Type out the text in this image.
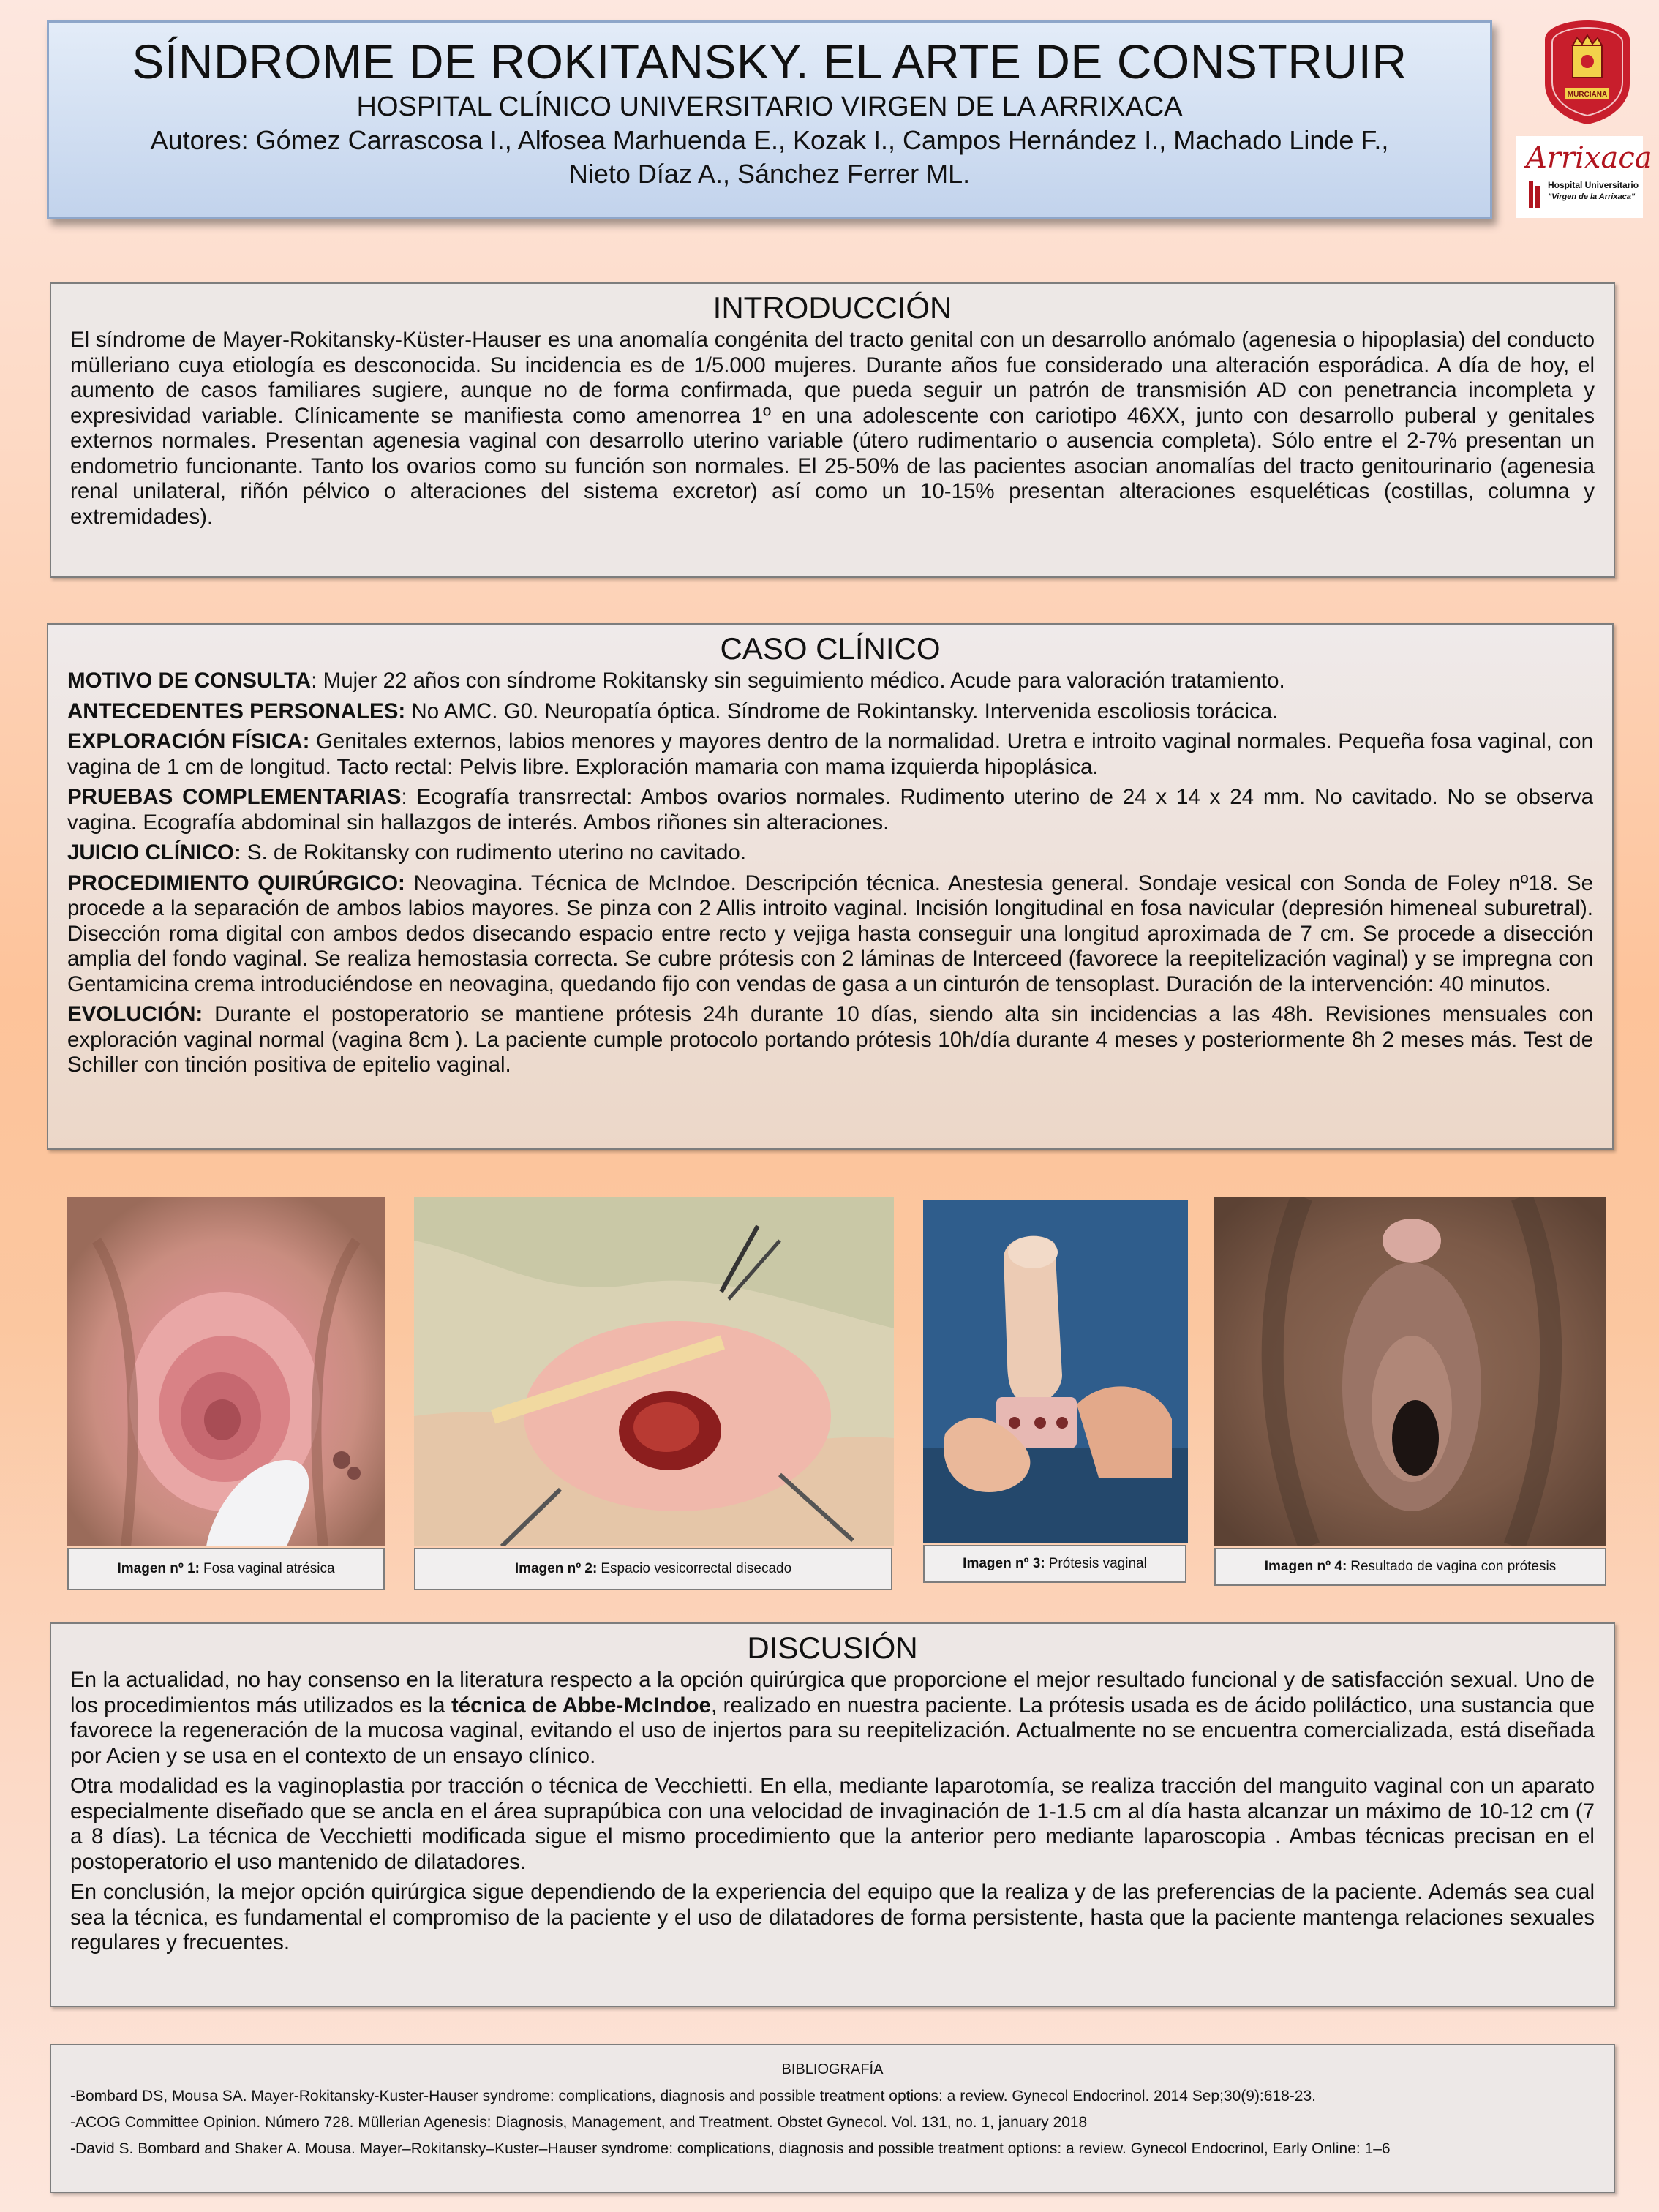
SÍNDROME DE ROKITANSKY. EL ARTE DE CONSTRUIR
HOSPITAL CLÍNICO UNIVERSITARIO VIRGEN DE LA ARRIXACA
Autores: Gómez Carrascosa I., Alfosea Marhuenda E., Kozak I., Campos Hernández I., Machado Linde F.,
Nieto Díaz A., Sánchez Ferrer ML.
MURCIANA
Arrixaca
Hospital Universitario
"Virgen de la Arrixaca"
INTRODUCCIÓN

El síndrome de Mayer-Rokitansky-Küster-Hauser es una anomalía congénita del tracto genital con un desarrollo anómalo (agenesia o hipoplasia) del conducto mülleriano cuya etiología es desconocida. Su incidencia es de 1/5.000 mujeres. Durante años fue considerado una alteración esporádica. A día de hoy, el aumento de casos familiares sugiere, aunque no de forma confirmada, que pueda seguir un patrón de transmisión AD con penetrancia incompleta y expresividad variable. Clínicamente se manifiesta como amenorrea 1º en una adolescente con cariotipo 46XX, junto con desarrollo puberal y genitales externos normales. Presentan agenesia vaginal con desarrollo uterino variable (útero rudimentario o ausencia completa). Sólo entre el 2-7% presentan un endometrio funcionante. Tanto los ovarios como su función son normales. El 25-50% de las pacientes asocian anomalías del tracto genitourinario (agenesia renal unilateral, riñón pélvico o alteraciones del sistema excretor) así como un 10-15% presentan alteraciones esqueléticas (costillas, columna y extremidades).

CASO CLÍNICO

MOTIVO DE CONSULTA: Mujer 22 años con síndrome Rokitansky sin seguimiento médico. Acude para valoración tratamiento.

ANTECEDENTES PERSONALES: No AMC. G0. Neuropatía óptica. Síndrome de Rokintansky. Intervenida escoliosis torácica.

EXPLORACIÓN FÍSICA: Genitales externos, labios menores y mayores dentro de la normalidad. Uretra e introito vaginal normales. Pequeña fosa vaginal, con vagina de 1 cm de longitud. Tacto rectal: Pelvis libre. Exploración mamaria con mama izquierda hipoplásica.

PRUEBAS COMPLEMENTARIAS: Ecografía transrrectal: Ambos ovarios normales. Rudimento uterino de 24 x 14 x 24 mm. No cavitado. No se observa vagina. Ecografía abdominal sin hallazgos de interés. Ambos riñones sin alteraciones.

JUICIO CLÍNICO: S. de Rokitansky con rudimento uterino no cavitado.

PROCEDIMIENTO QUIRÚRGICO: Neovagina. Técnica de McIndoe. Descripción técnica. Anestesia general. Sondaje vesical con Sonda de Foley nº18. Se procede a la separación de ambos labios mayores. Se pinza con 2 Allis introito vaginal. Incisión longitudinal en fosa navicular (depresión himeneal suburetral). Disección roma digital con ambos dedos disecando espacio entre recto y vejiga hasta conseguir una longitud aproximada de 7 cm. Se procede a disección amplia del fondo vaginal. Se realiza hemostasia correcta. Se cubre prótesis con 2 láminas de Interceed (favorece la reepitelización vaginal) y se impregna con Gentamicina crema introduciéndose en neovagina, quedando fijo con vendas de gasa a un cinturón de tensoplast. Duración de la intervención: 40 minutos.

EVOLUCIÓN: Durante el postoperatorio se mantiene prótesis 24h durante 10 días, siendo alta sin incidencias a las 48h. Revisiones mensuales con exploración vaginal normal (vagina 8cm ). La paciente cumple protocolo portando prótesis 10h/día durante 4 meses y posteriormente 8h 2 meses más. Test de Schiller con tinción positiva de epitelio vaginal.

Imagen nº 1: Fosa vaginal atrésica	Imagen nº 2: Espacio vesicorrectal disecado	Imagen nº 3: Prótesis vaginal	Imagen nº 4: Resultado de vagina con prótesis
DISCUSIÓN

En la actualidad, no hay consenso en la literatura respecto a la opción quirúrgica que proporcione el mejor resultado funcional y de satisfacción sexual. Uno de los procedimientos más utilizados es la técnica de Abbe-McIndoe, realizado en nuestra paciente. La prótesis usada es de ácido poliláctico, una sustancia que favorece la regeneración de la mucosa vaginal, evitando el uso de injertos para su reepitelización. Actualmente no se encuentra comercializada, está diseñada por Acien y se usa en el contexto de un ensayo clínico.

Otra modalidad es la vaginoplastia por tracción o técnica de Vecchietti. En ella, mediante laparotomía, se realiza tracción del manguito vaginal con un aparato especialmente diseñado que se ancla en el área suprapúbica con una velocidad de invaginación de 1-1.5 cm al día hasta alcanzar un máximo de 10-12 cm (7 a 8 días). La técnica de Vecchietti modificada sigue el mismo procedimiento que la anterior pero mediante laparoscopia . Ambas técnicas precisan en el postoperatorio el uso mantenido de dilatadores.

En conclusión, la mejor opción quirúrgica sigue dependiendo de la experiencia del equipo que la realiza y de las preferencias de la paciente. Además sea cual sea la técnica, es fundamental el compromiso de la paciente y el uso de dilatadores de forma persistente, hasta que la paciente mantenga relaciones sexuales regulares y frecuentes.

BIBLIOGRAFÍA
-Bombard DS, Mousa SA. Mayer-Rokitansky-Kuster-Hauser syndrome: complications, diagnosis and possible treatment options: a review. Gynecol Endocrinol. 2014 Sep;30(9):618-23.
-ACOG Committee Opinion. Número 728. Müllerian Agenesis: Diagnosis, Management, and Treatment. Obstet Gynecol. Vol. 131, no. 1, january 2018
-David S. Bombard and Shaker A. Mousa. Mayer–Rokitansky–Kuster–Hauser syndrome: complications, diagnosis and possible treatment options: a review. Gynecol Endocrinol, Early Online: 1–6
